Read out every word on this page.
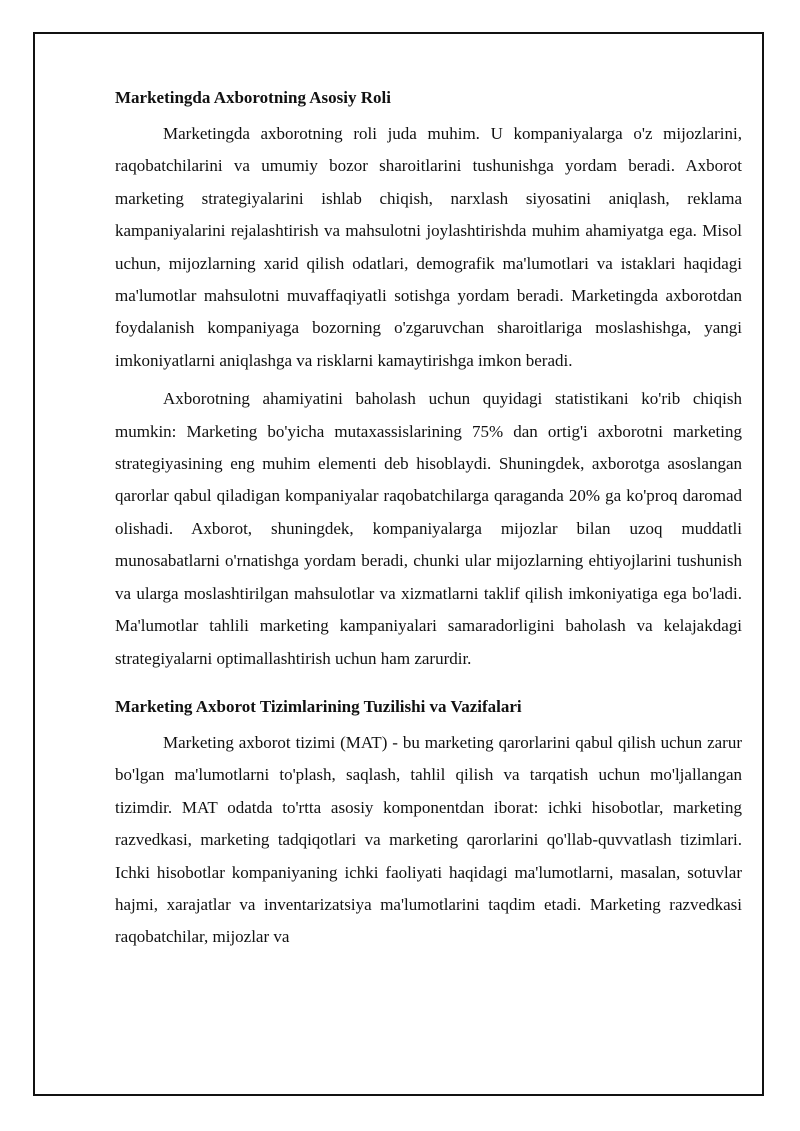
Marketingda Axborotning Asosiy Roli

Marketingda axborotning roli juda muhim. U kompaniyalarga o'z mijozlarini, raqobatchilarini va umumiy bozor sharoitlarini tushunishga yordam beradi. Axborot marketing strategiyalarini ishlab chiqish, narxlash siyosatini aniqlash, reklama kampaniyalarini rejalashtirish va mahsulotni joylashtirishda muhim ahamiyatga ega. Misol uchun, mijozlarning xarid qilish odatlari, demografik ma'lumotlari va istaklari haqidagi ma'lumotlar mahsulotni muvaffaqiyatli sotishga yordam beradi. Marketingda axborotdan foydalanish kompaniyaga bozorning o'zgaruvchan sharoitlariga moslashishga, yangi imkoniyatlarni aniqlashga va risklarni kamaytirishga imkon beradi.

Axborotning ahamiyatini baholash uchun quyidagi statistikani ko'rib chiqish mumkin: Marketing bo'yicha mutaxassislarining 75% dan ortig'i axborotni marketing strategiyasining eng muhim elementi deb hisoblaydi. Shuningdek, axborotga asoslangan qarorlar qabul qiladigan kompaniyalar raqobatchilarga qaraganda 20% ga ko'proq daromad olishadi. Axborot, shuningdek, kompaniyalarga mijozlar bilan uzoq muddatli munosabatlarni o'rnatishga yordam beradi, chunki ular mijozlarning ehtiyojlarini tushunish va ularga moslashtirilgan mahsulotlar va xizmatlarni taklif qilish imkoniyatiga ega bo'ladi. Ma'lumotlar tahlili marketing kampaniyalari samaradorligini baholash va kelajakdagi strategiyalarni optimallashtirish uchun ham zarurdir.

Marketing Axborot Tizimlarining Tuzilishi va Vazifalari

Marketing axborot tizimi (MAT) - bu marketing qarorlarini qabul qilish uchun zarur bo'lgan ma'lumotlarni to'plash, saqlash, tahlil qilish va tarqatish uchun mo'ljallangan tizimdir. MAT odatda to'rtta asosiy komponentdan iborat: ichki hisobotlar, marketing razvedkasi, marketing tadqiqotlari va marketing qarorlarini qo'llab-quvvatlash tizimlari. Ichki hisobotlar kompaniyaning ichki faoliyati haqidagi ma'lumotlarni, masalan, sotuvlar hajmi, xarajatlar va inventarizatsiya ma'lumotlarini taqdim etadi. Marketing razvedkasi raqobatchilar, mijozlar va
